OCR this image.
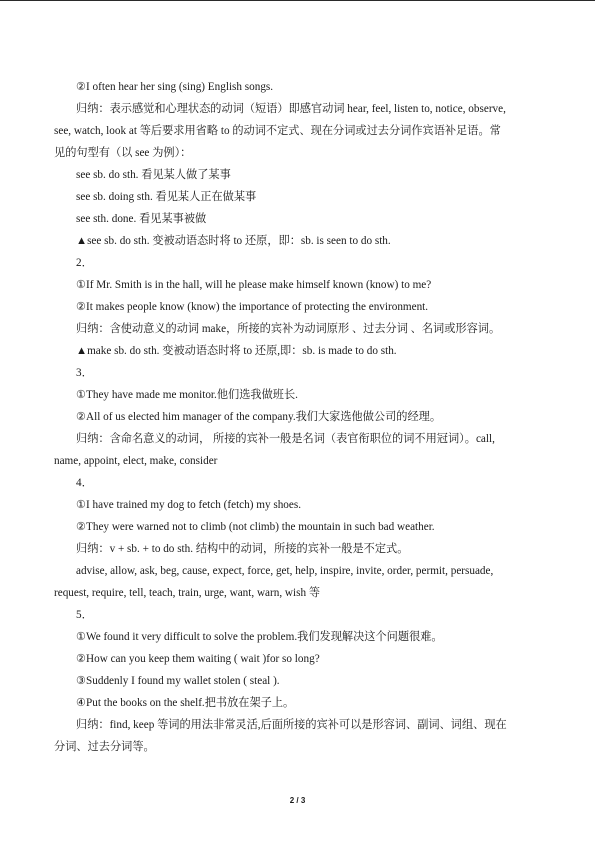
②I often hear her sing (sing) English songs.
归纳：表示感觉和心理状态的动词（短语）即感官动词 hear, feel, listen to, notice, observe,
see, watch, look at 等后要求用省略 to 的动词不定式、现在分词或过去分词作宾语补足语。常
见的句型有（以 see 为例）：
see sb. do sth. 看见某人做了某事
see sb. doing sth. 看见某人正在做某事
see sth. done. 看见某事被做
▲see sb. do sth. 变被动语态时将 to 还原，即：sb. is seen to do sth.
2．
①If Mr. Smith is in the hall, will he please make himself known (know) to me?
②It makes people know (know) the importance of protecting the environment.
归纳：含使动意义的动词 make，所接的宾补为动词原形 、过去分词 、名词或形容词。
▲make sb. do sth. 变被动语态时将 to 还原,即：sb. is made to do sth.
3．
①They have made me monitor.他们选我做班长.
②All of us elected him manager of the company.我们大家选他做公司的经理。
归纳：含命名意义的动词， 所接的宾补一般是名词（表官衔职位的词不用冠词）。call,
name, appoint, elect, make, consider
4．
①I have trained my dog to fetch (fetch) my shoes.
②They were warned not to climb (not climb) the mountain in such bad weather.
归纳：v + sb. + to do sth. 结构中的动词，所接的宾补一般是不定式。
advise, allow, ask, beg, cause, expect, force, get, help, inspire, invite, order, permit, persuade,
request, require, tell, teach, train, urge, want, warn, wish 等
5．
①We found it very difficult to solve the problem.我们发现解决这个问题很难。
②How can you keep them waiting ( wait )for so long?
③Suddenly I found my wallet stolen ( steal ).
④Put the books on the shelf.把书放在架子上。
归纳：find, keep 等词的用法非常灵活,后面所接的宾补可以是形容词、副词、词组、现在
分词、过去分词等。
2 / 3
